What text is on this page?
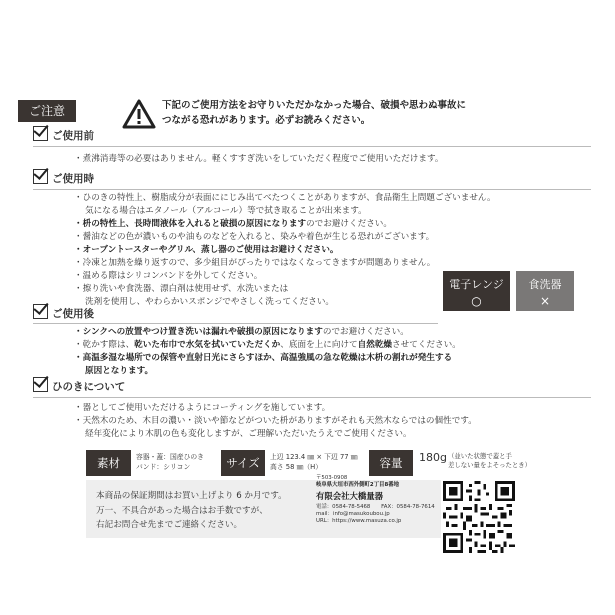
ご注意	下記のご使用方法をお守りいただかなかった場合、破損や思わぬ事故に
つながる恐れがあります。必ずお読みください。
ご使用前
・煮沸消毒等の必要はありません。軽くすすぎ洗いをしていただく程度でご使用いただけます。
ご使用時
・ひのきの特性上、樹脂成分が表面ににじみ出てべたつくことがありますが、食品衛生上問題ございません。
気になる場合はエタノール（アルコール）等で拭き取ることが出来ます。
・枡の特性上、長時間液体を入れると破損の原因になりますのでお避けください。
・醤油などの色が濃いものや油ものなどを入れると、染みや着色が生じる恐れがございます。
・オーブントースターやグリル、蒸し器のご使用はお避けください。
・冷凍と加熱を繰り返すので、多少組目がぴったりではなくなってきますが問題ありません。
・温める際はシリコンバンドを外してください。
・擦り洗いや食洗器、漂白剤は使用せず、水洗いまたは
洗剤を使用し、やわらかいスポンジでやさしく洗ってください。
電子レンジ
○
食洗器
×
ご使用後
・シンクへの放置やつけ置き洗いは漏れや破損の原因になりますのでお避けください。
・乾かす際は、乾いた布巾で水気を拭いていただくか、底面を上に向けて自然乾燥させてください。
・高温多湿な場所での保管や直射日光にさらすほか、高温強風の急な乾燥は木枡の割れが発生する
原因となります。
ひのきについて
・器としてご使用いただけるようにコーティングを施しています。
・天然木のため、木目の濃い・淡いや節などがついた枡がありますがそれも天然木ならではの個性です。
経年変化により木肌の色も変化しますが、ご理解いただいたうえでご使用ください。
素材	容器・蓋：国産ひのき
バンド：シリコン	サイズ	上辺 123.4 ㎜ × 下辺 77 ㎜
高さ 58 ㎜（H）	容量	180g （並いた状態で蓋と手
差しない量をよそったとき）
本商品の保証期間はお買い上げより 6 か月です。
万一、不具合があった場合はお手数ですが、
右記お問合せ先までご連絡ください。
〒503-0908
岐阜県大垣市西外側町2丁目8番地
有限会社大橋量器
電話：0584-78-5468　　 FAX：0584-78-7614
mail：info@masukoubou.jp
URL：https://www.masuza.co.jp
